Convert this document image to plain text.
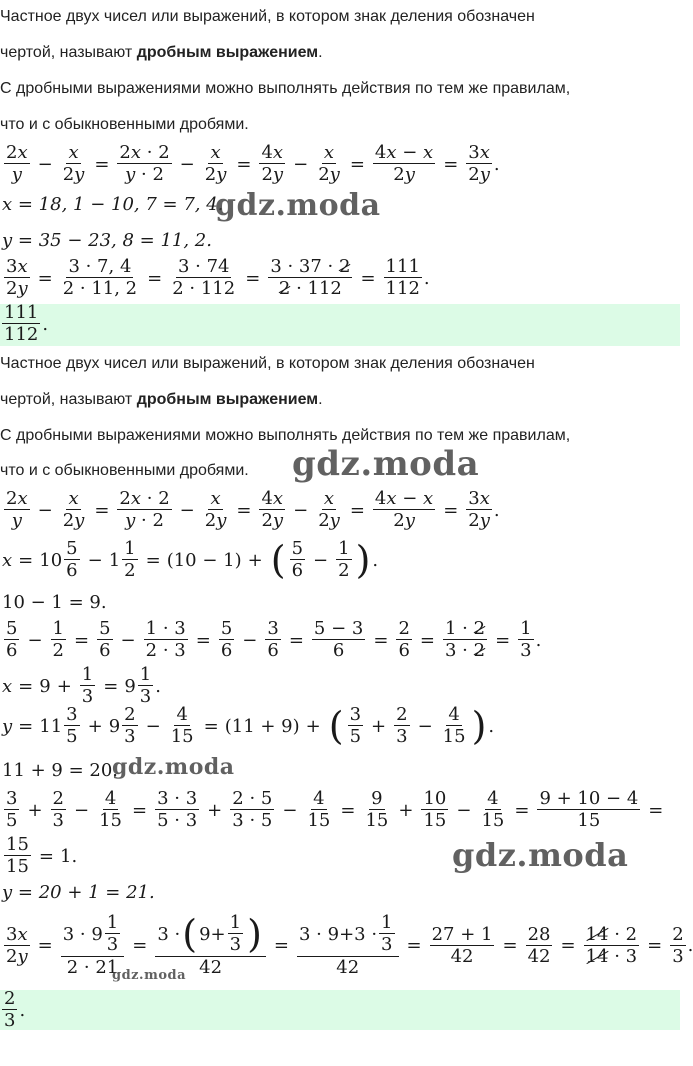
Частное двух чисел или выражений, в котором знак деления обозначен
чертой, называют дробным выражением.
С дробными выражениями можно выполнять действия по тем же правилам,
что и с обыкновенными дробями.
$\frac{2x}{y} - \frac{x}{2y} = \frac{2x \cdot 2}{y \cdot 2} - \frac{x}{2y} = \frac{4x}{2y} - \frac{x}{2y} = \frac{4x - x}{2y} = \frac{3x}{2y}$ .
x = 18, 1 − 10, 7 = 7, 4.
gdz.moda
y = 35 − 23, 8 = 11, 2.
$\frac{3x}{2y} = \frac{3 \cdot 7, 4}{2 \cdot 11, 2} = \frac{3 \cdot 74}{2 \cdot 112} = \frac{3 \cdot 37 \cdot 2}{2 \cdot 112} = \frac{111}{112}$ .
$\frac{111}{112}$ .
Частное двух чисел или выражений, в котором знак деления обозначен
чертой, называют дробным выражением.
С дробными выражениями можно выполнять действия по тем же правилам,
что и с обыкновенными дробями. gdz.moda
$\frac{2x}{y} - \frac{x}{2y} = \frac{2x \cdot 2}{y \cdot 2} - \frac{x}{2y} = \frac{4x}{2y} - \frac{x}{2y} = \frac{4x - x}{2y} = \frac{3x}{2y}$ .
$x = 10 \frac{5}{6} - 1 \frac{1}{2} = (10 - 1)$ + ( $\frac{5}{6} - \frac{1}{2}$ ) .
10 − 1 = 9.
$\frac{5}{6} - \frac{1}{2} = \frac{5}{6} - \frac{1 \cdot 3}{2 \cdot 3} = \frac{5}{6} - \frac{3}{6} = \frac{5 - 3}{6} = \frac{2}{6} = \frac{1 \cdot 2}{3 \cdot 2} = \frac{1}{3}$ .
$x = 9 + \frac{1}{3} = 9 \frac{1}{3}$ .
$y = 11 \frac{3}{5} + 9 \frac{2}{3} - \frac{4}{15} = (11 + 9)$ + ( $\frac{3}{5} + \frac{2}{3} - \frac{4}{15}$ ) .
11 + 9 = 20.
gdz.moda
$\frac{3}{5} + \frac{2}{3} - \frac{4}{15} = \frac{3 \cdot 3}{5 \cdot 3} + \frac{2 \cdot 5}{3 \cdot 5} - \frac{4}{15} = \frac{9}{15} + \frac{10}{15} - \frac{4}{15} = \frac{9 + 10 - 4}{15}$ =
$\frac{15}{15} = 1$.	gdz.moda
y = 20 + 1 = 21.
$\frac{3x}{2y} = \frac{3 \cdot 9 \frac{1}{3}}{2 \cdot 21} = \frac{3 \cdot ( 9+ \frac{1}{3} )}{42} = \frac{3 \cdot 9+3 \cdot \frac{1}{3}}{42} = \frac{27 + 1}{42} = \frac{28}{42} = \frac{14 \cdot 2}{14 \cdot 3} = \frac{2}{3}$ .
gdz.moda
$\frac{2}{3}$ .
